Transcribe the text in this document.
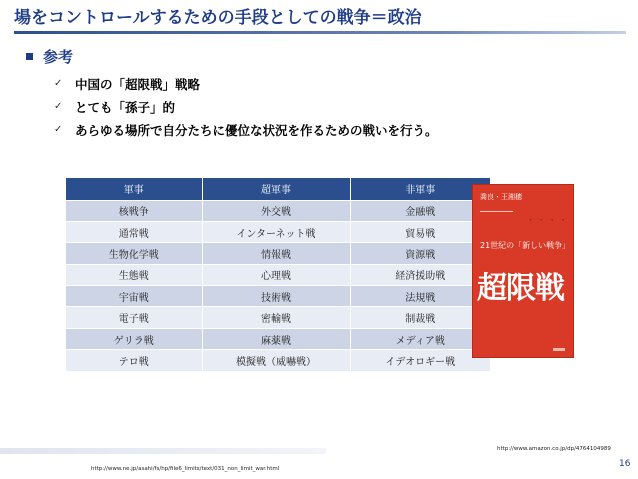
場をコントロールするための手段としての戦争＝政治
参考
✓ 中国の「超限戦」戦略
✓ とても「孫子」的
✓ あらゆる場所で自分たちに優位な状況を作るための戦いを行う。
軍事	超軍事	非軍事
核戦争	外交戦	金融戦
通常戦	インターネット戦	貿易戦
生物化学戦	情報戦	資源戦
生態戦	心理戦	経済援助戦
宇宙戦	技術戦	法規戦
電子戦	密輸戦	制裁戦
ゲリラ戦	麻薬戦	メディア戦
テロ戦	模擬戦（威嚇戦）	イデオロギー戦
喬良・王湘穂
━━━━━━━━━━━
˅ ˅ ˅ ˅
21世紀の「新しい戦争」
超限戦
http://www.amazon.co.jp/dp/4764104989
http://www.ne.jp/asahi/fs/hp/file6_limits/text/031_non_limit_war.html	16
